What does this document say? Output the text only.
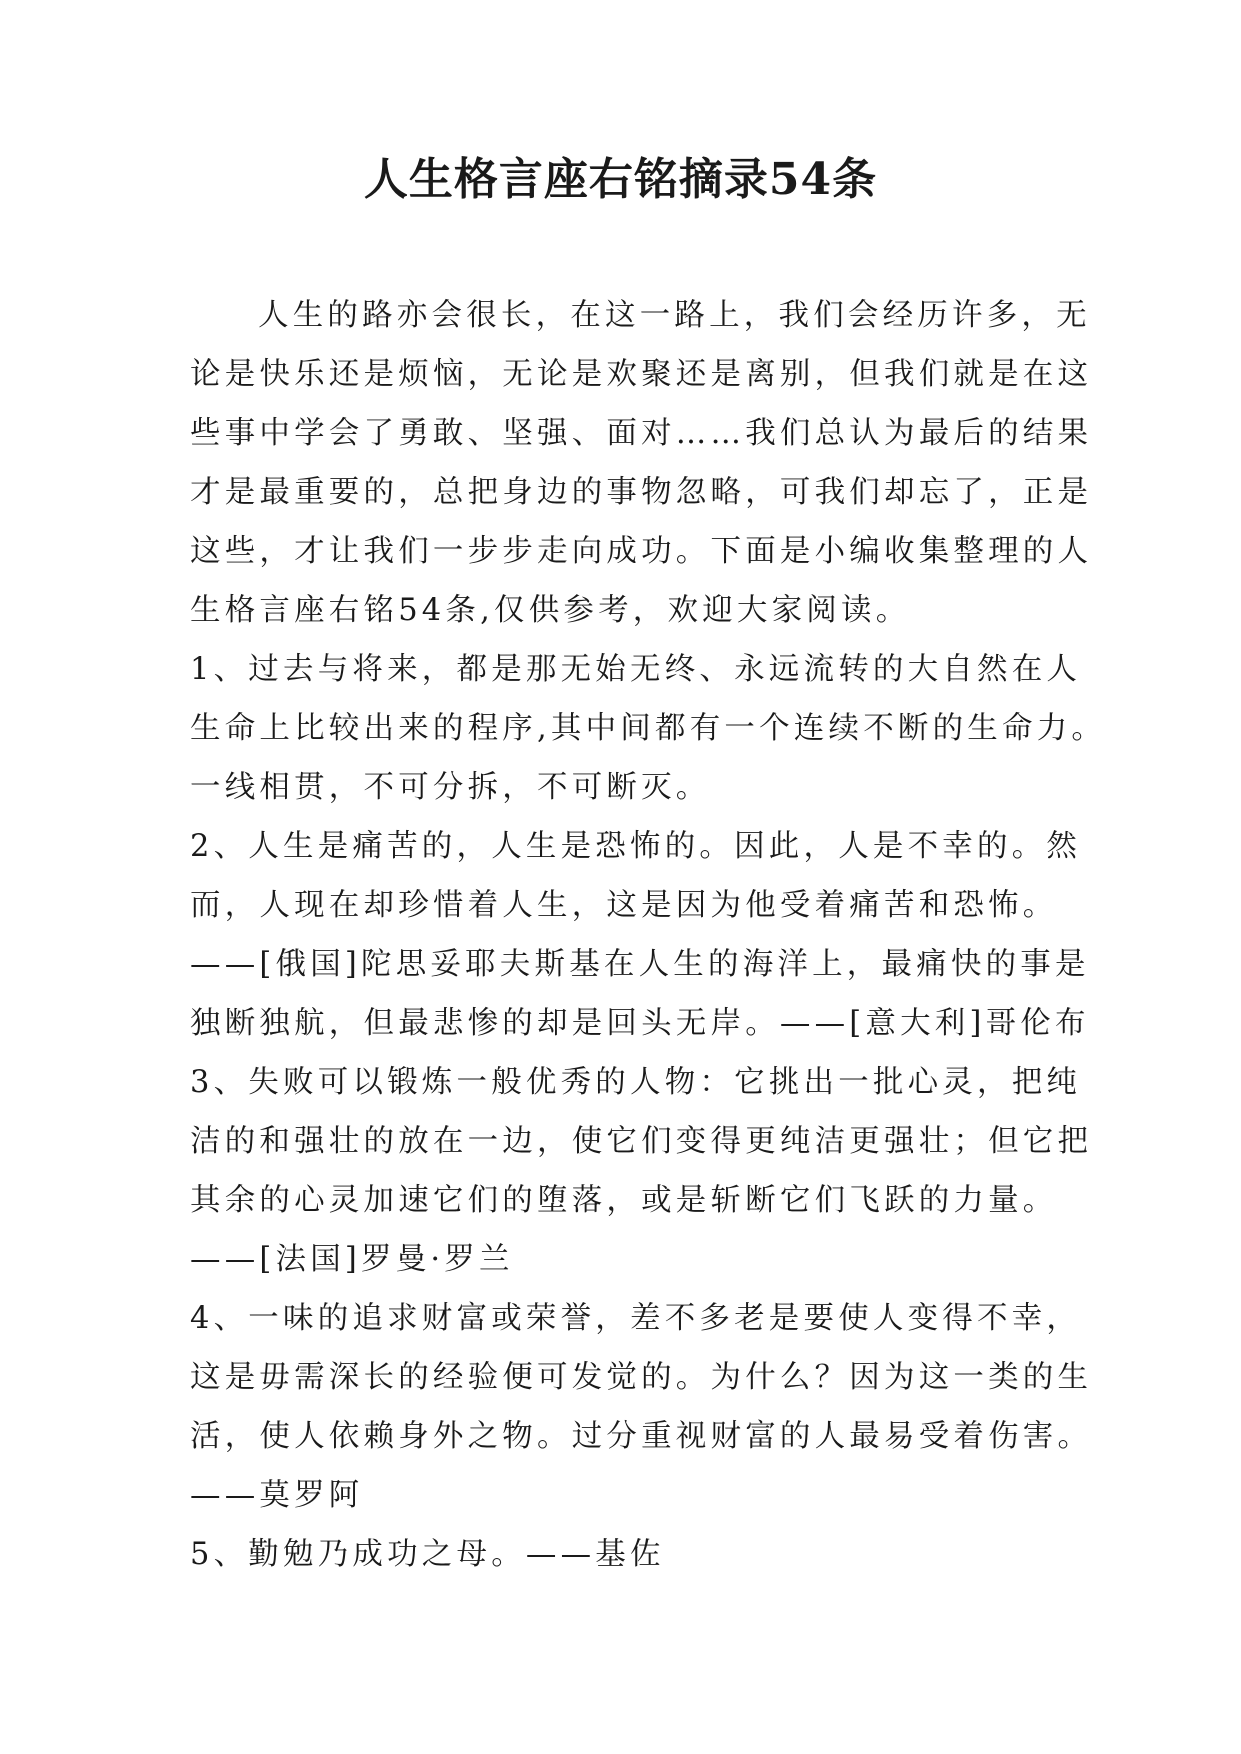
人生格言座右铭摘录54条
人生的路亦会很长，在这一路上，我们会经历许多，无
论是快乐还是烦恼，无论是欢聚还是离别，但我们就是在这
些事中学会了勇敢、坚强、面对……我们总认为最后的结果
才是最重要的，总把身边的事物忽略，可我们却忘了，正是
这些，才让我们一步步走向成功。下面是小编收集整理的人
生格言座右铭54条,仅供参考，欢迎大家阅读。
1、过去与将来，都是那无始无终、永远流转的大自然在人
生命上比较出来的程序,其中间都有一个连续不断的生命力。
一线相贯，不可分拆，不可断灭。
2、人生是痛苦的，人生是恐怖的。因此，人是不幸的。然
而，人现在却珍惜着人生，这是因为他受着痛苦和恐怖。
——[俄国]陀思妥耶夫斯基在人生的海洋上，最痛快的事是
独断独航，但最悲惨的却是回头无岸。——[意大利]哥伦布
3、失败可以锻炼一般优秀的人物：它挑出一批心灵，把纯
洁的和强壮的放在一边，使它们变得更纯洁更强壮；但它把
其余的心灵加速它们的堕落，或是斩断它们飞跃的力量。
——[法国]罗曼·罗兰
4、一味的追求财富或荣誉，差不多老是要使人变得不幸，
这是毋需深长的经验便可发觉的。为什么？因为这一类的生
活，使人依赖身外之物。过分重视财富的人最易受着伤害。
——莫罗阿
5、勤勉乃成功之母。——基佐
